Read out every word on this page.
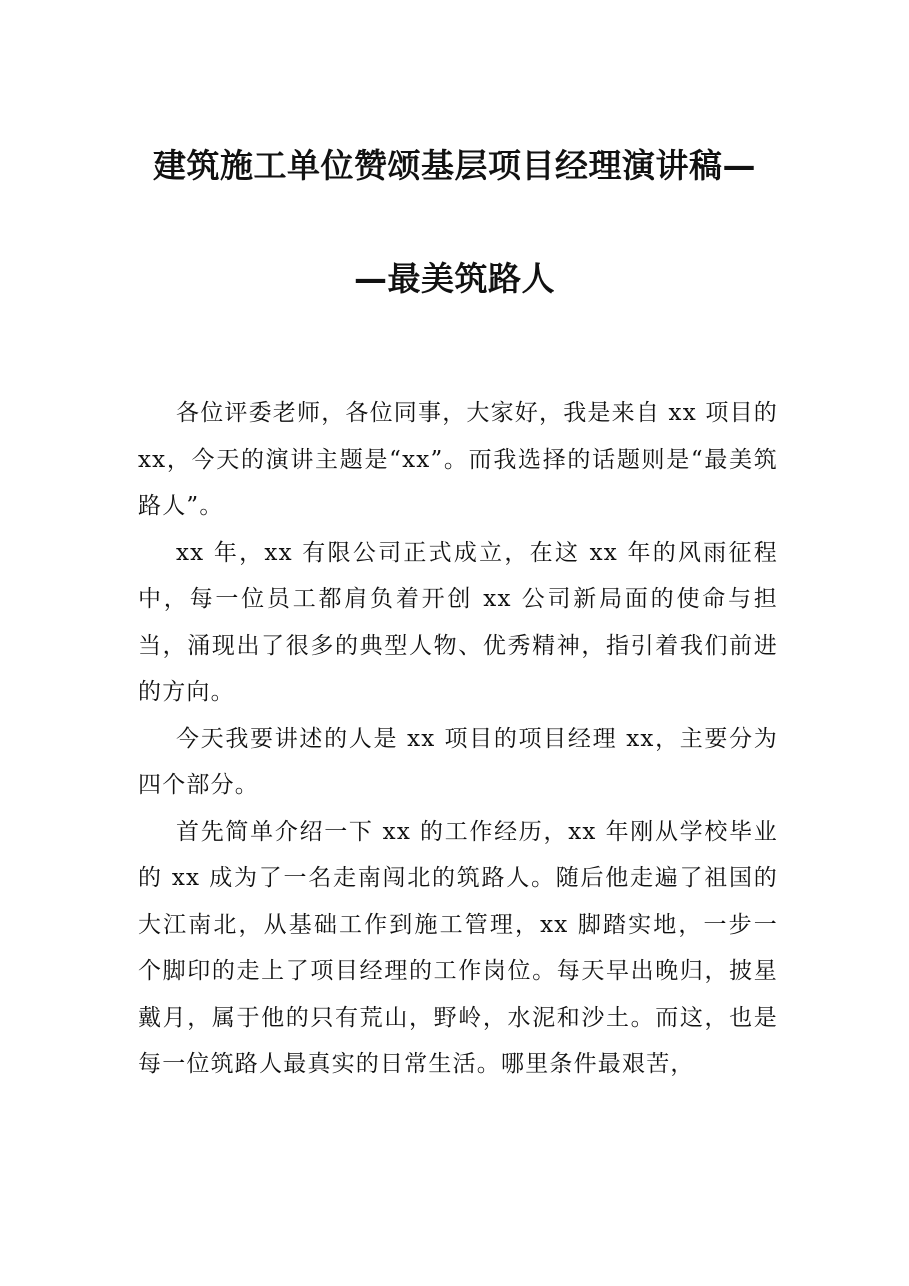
建筑施工单位赞颂基层项目经理演讲稿—
—最美筑路人

各位评委老师，各位同事，大家好，我是来自 xx 项目的 xx，今天的演讲主题是“xx”。而我选择的话题则是“最美筑路人”。

xx 年，xx 有限公司正式成立，在这 xx 年的风雨征程中，每一位员工都肩负着开创 xx 公司新局面的使命与担当，涌现出了很多的典型人物、优秀精神，指引着我们前进的方向。

今天我要讲述的人是 xx 项目的项目经理 xx，主要分为四个部分。

首先简单介绍一下 xx 的工作经历，xx 年刚从学校毕业的 xx 成为了一名走南闯北的筑路人。随后他走遍了祖国的大江南北，从基础工作到施工管理，xx 脚踏实地，一步一个脚印的走上了项目经理的工作岗位。每天早出晚归，披星戴月，属于他的只有荒山，野岭，水泥和沙土。而这，也是每一位筑路人最真实的日常生活。哪里条件最艰苦，
